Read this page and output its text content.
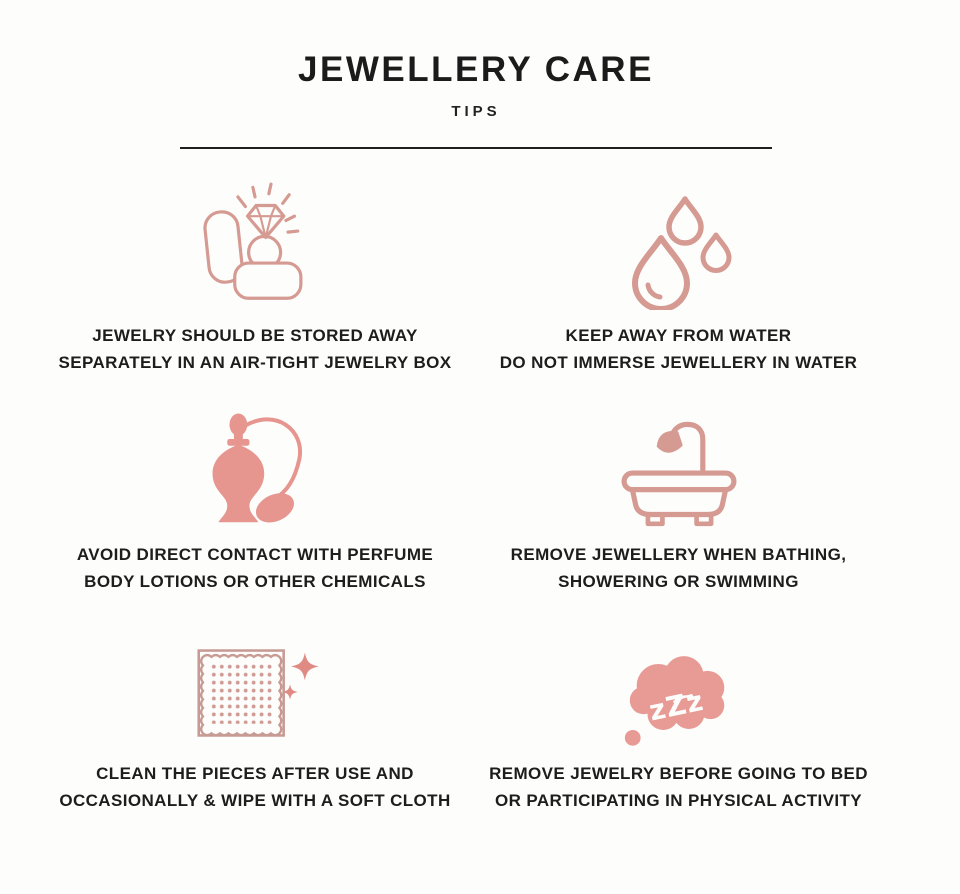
JEWELLERY CARE
TIPS
JEWELRY SHOULD BE STORED AWAY
SEPARATELY IN AN AIR-TIGHT JEWELRY BOX
KEEP AWAY FROM WATER
DO NOT IMMERSE JEWELLERY IN WATER
AVOID DIRECT CONTACT WITH PERFUME
BODY LOTIONS OR OTHER CHEMICALS
REMOVE JEWELLERY WHEN BATHING,
SHOWERING OR SWIMMING
CLEAN THE PIECES AFTER USE AND
OCCASIONALLY & WIPE WITH A SOFT CLOTH
zZz
REMOVE JEWELRY BEFORE GOING TO BED
OR PARTICIPATING IN PHYSICAL ACTIVITY
